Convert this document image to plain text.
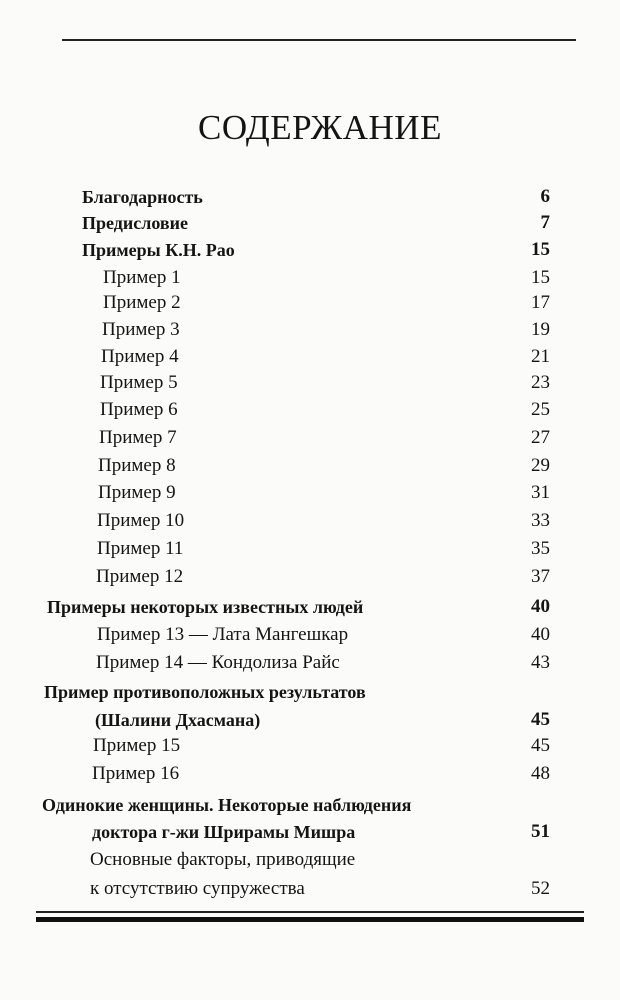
СОДЕРЖАНИЕ
Благодарность	6
Предисловие	7
Примеры К.Н. Рао	15
Пример 1	15
Пример 2	17
Пример 3	19
Пример 4	21
Пример 5	23
Пример 6	25
Пример 7	27
Пример 8	29
Пример 9	31
Пример 10	33
Пример 11	35
Пример 12	37
Примеры некоторых известных людей	40
Пример 13 — Лата Мангешкар	40
Пример 14 — Кондолиза Райс	43
Пример противоположных результатов
(Шалини Дхасмана)	45
Пример 15	45
Пример 16	48
Одинокие женщины. Некоторые наблюдения
доктора г-жи Шрирамы Мишра	51
Основные факторы, приводящие
к отсутствию супружества	52
